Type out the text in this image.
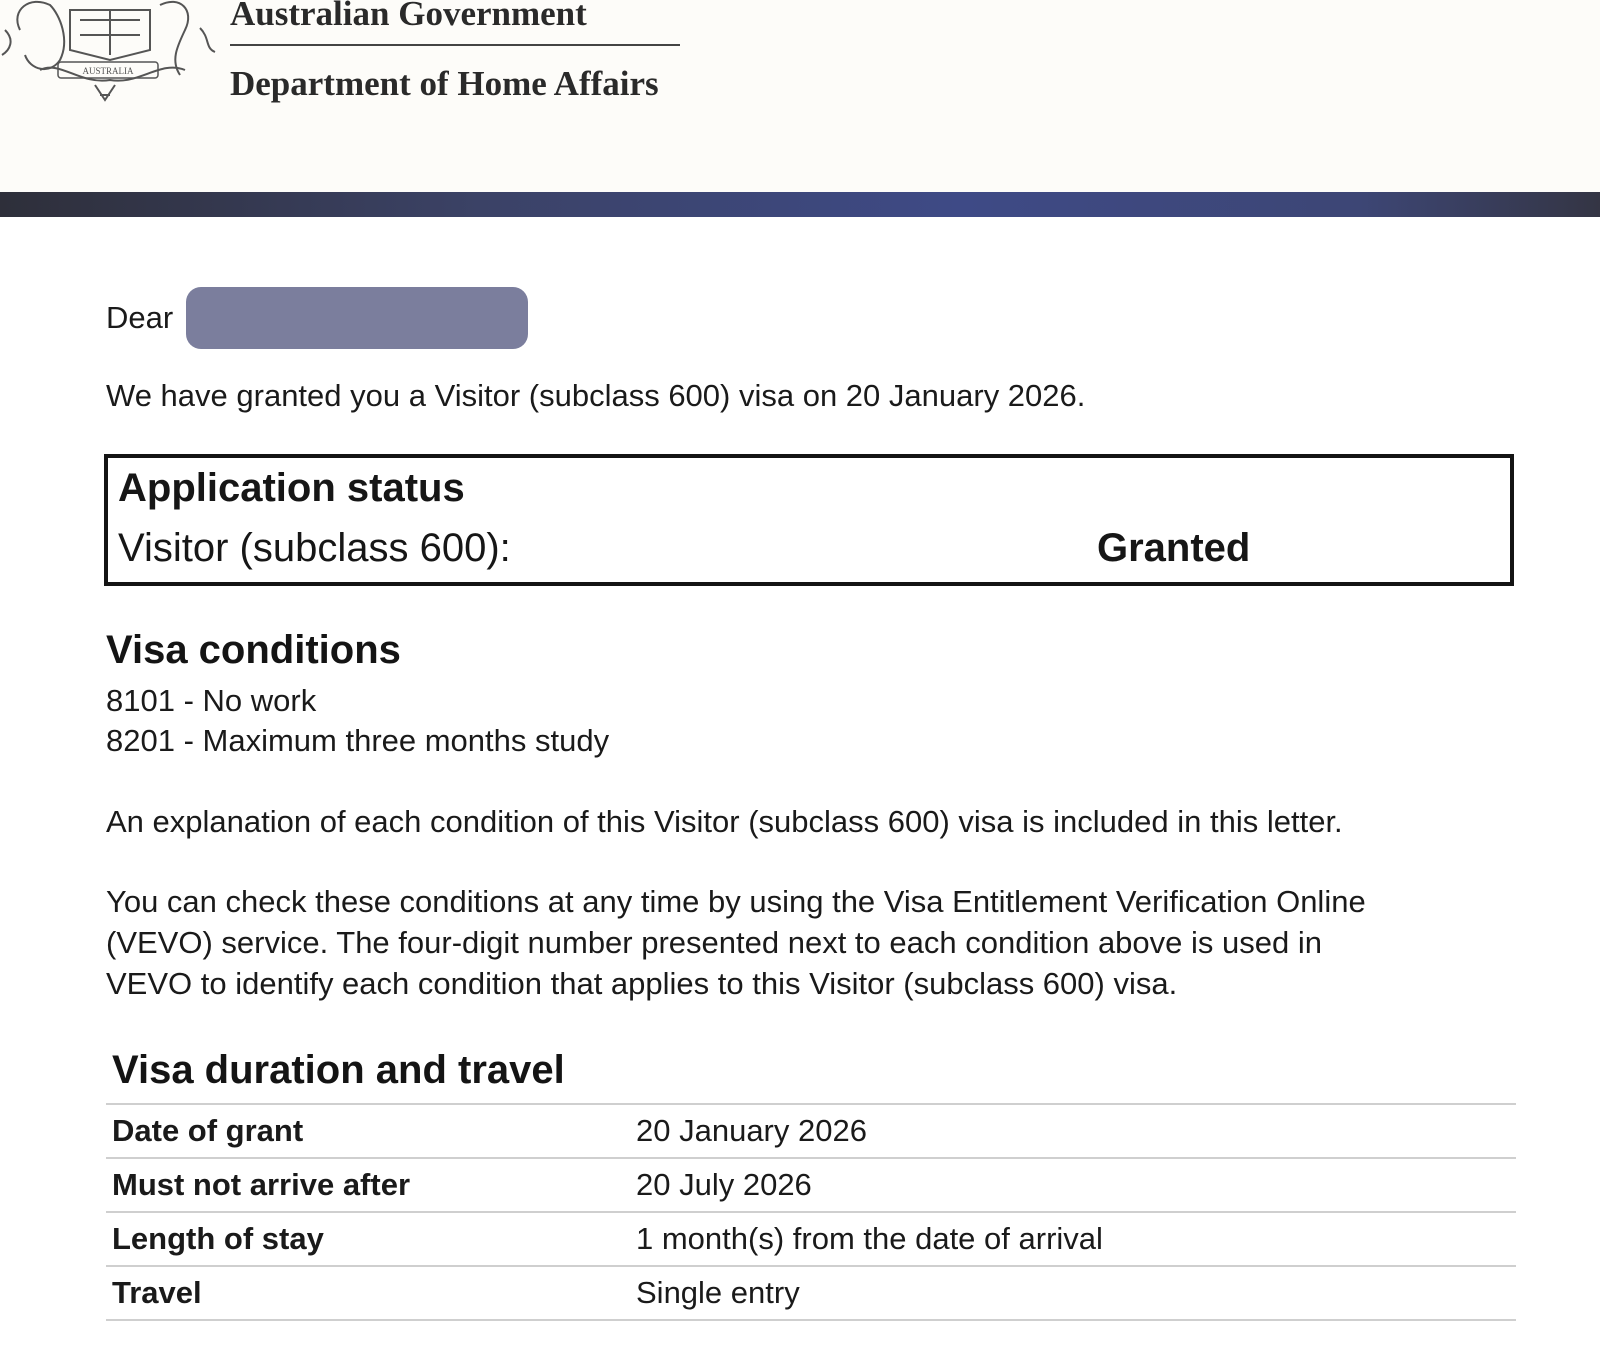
AUSTRALIA
Australian Government
Department of Home Affairs
Dear
We have granted you a Visitor (subclass 600) visa on 20 January 2026.
Application status
Visitor (subclass 600):	Granted
Visa conditions
8101 - No work
8201 - Maximum three months study
An explanation of each condition of this Visitor (subclass 600) visa is included in this letter.
You can check these conditions at any time by using the Visa Entitlement Verification Online
(VEVO) service. The four-digit number presented next to each condition above is used in
VEVO to identify each condition that applies to this Visitor (subclass 600) visa.
Visa duration and travel
Date of grant	20 January 2026
Must not arrive after	20 July 2026
Length of stay	1 month(s) from the date of arrival
Travel	Single entry
